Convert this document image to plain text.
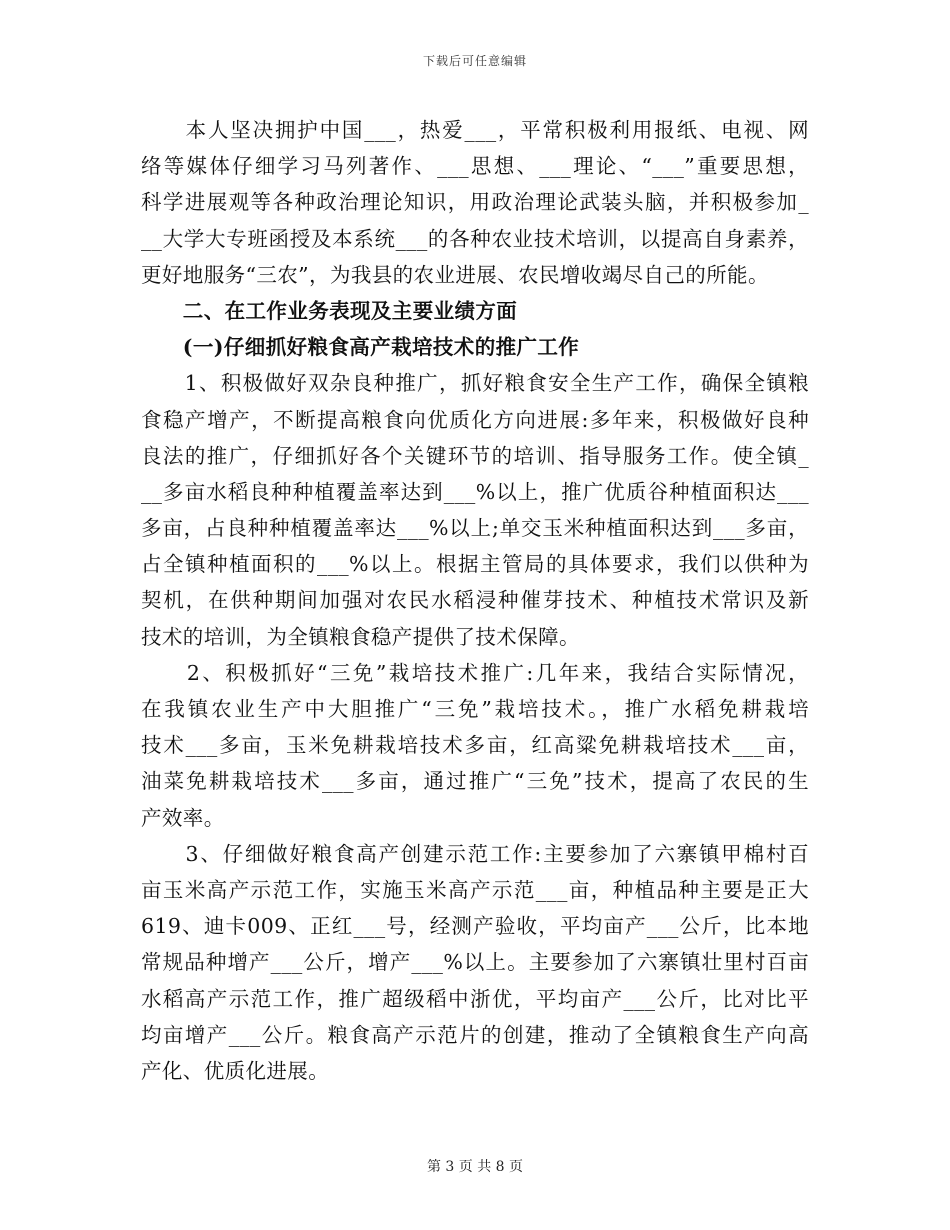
下载后可任意编辑
　　本人坚决拥护中国___，热爱___，平常积极利用报纸、电视、网
络等媒体仔细学习马列著作、___思想、___理论、“___”重要思想，
科学进展观等各种政治理论知识，用政治理论武装头脑，并积极参加_
__大学大专班函授及本系统___的各种农业技术培训，以提高自身素养，
更好地服务“三农”，为我县的农业进展、农民增收竭尽自己的所能。
　　二、在工作业务表现及主要业绩方面
　　(一)仔细抓好粮食高产栽培技术的推广工作
　　1、积极做好双杂良种推广，抓好粮食安全生产工作，确保全镇粮
食稳产增产，不断提高粮食向优质化方向进展:多年来，积极做好良种
良法的推广，仔细抓好各个关键环节的培训、指导服务工作。使全镇_
__多亩水稻良种种植覆盖率达到___%以上，推广优质谷种植面积达___
多亩，占良种种植覆盖率达___%以上;单交玉米种植面积达到___多亩，
占全镇种植面积的___%以上。根据主管局的具体要求，我们以供种为
契机，在供种期间加强对农民水稻浸种催芽技术、种植技术常识及新
技术的培训，为全镇粮食稳产提供了技术保障。
　　2、积极抓好“三免”栽培技术推广:几年来，我结合实际情况，
在我镇农业生产中大胆推广“三免”栽培技术。，推广水稻免耕栽培
技术___多亩，玉米免耕栽培技术多亩，红高粱免耕栽培技术___亩，
油菜免耕栽培技术___多亩，通过推广“三免”技术，提高了农民的生
产效率。
　　3、仔细做好粮食高产创建示范工作:主要参加了六寨镇甲棉村百
亩玉米高产示范工作，实施玉米高产示范___亩，种植品种主要是正大
619、迪卡009、正红___号，经测产验收，平均亩产___公斤，比本地
常规品种增产___公斤，增产___%以上。主要参加了六寨镇壮里村百亩
水稻高产示范工作，推广超级稻中浙优，平均亩产___公斤，比对比平
均亩增产___公斤。粮食高产示范片的创建，推动了全镇粮食生产向高
产化、优质化进展。
第 3 页 共 8 页
